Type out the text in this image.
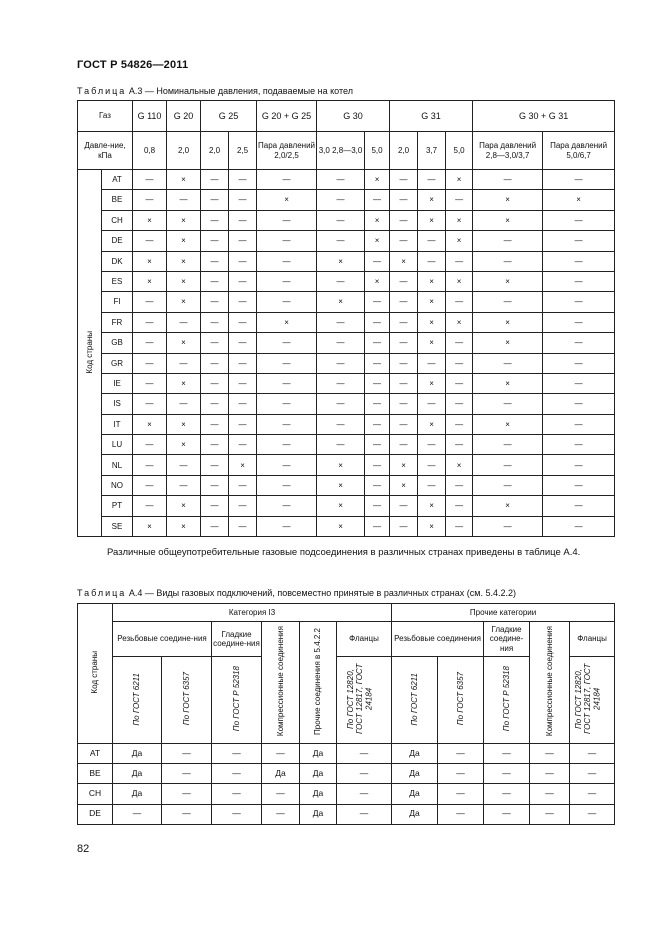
ГОСТ Р 54826—2011
Таблица А.3 — Номинальные давления, подаваемые на котел
Газ		G 110	G 20	G 25		G 20 + G 25	G 30		G 31			G 30 + G 31	
Давле-ние, кПа		0,8	2,0	2,0	2,5	Пара давлений 2,0/2,5	3,0 2,8—3,0	5,0	2,0	3,7	5,0	Пара давлений 2,8—3,0/3,7	Пара давлений 5,0/6,7
Код страны	AT	—	×	—	—	—	—	×	—	—	×	—	—
	BE	—	—	—	—	×	—	—	—	×	—	×	×
	CH	×	×	—	—	—	—	×	—	×	×	×	—
	DE	—	×	—	—	—	—	×	—	—	×	—	—
	DK	×	×	—	—	—	×	—	×	—	—	—	—
	ES	×	×	—	—	—	—	×	—	×	×	×	—
	FI	—	×	—	—	—	×	—	—	×	—	—	—
	FR	—	—	—	—	×	—	—	—	×	×	×	—
	GB	—	×	—	—	—	—	—	—	×	—	×	—
	GR	—	—	—	—	—	—	—	—	—	—	—	—
	IE	—	×	—	—	—	—	—	—	×	—	×	—
	IS	—	—	—	—	—	—	—	—	—	—	—	—
	IT	×	×	—	—	—	—	—	—	×	—	×	—
	LU	—	×	—	—	—	—	—	—	—	—	—	—
	NL	—	—	—	×	—	×	—	×	—	×	—	—
	NO	—	—	—	—	—	×	—	×	—	—	—	—
	PT	—	×	—	—	—	×	—	—	×	—	×	—
	SE	×	×	—	—	—	×	—	—	×	—	—	—
Различные общеупотребительные газовые подсоединения в различных странах приведены в таблице А.4.
Таблица А.4 — Виды газовых подключений, повсеместно принятые в различных странах (см. 5.4.2.2)
Код страны	Категория I3						Прочие категории				
	Резьбовые соедине-ния		Гладкие соедине-ния	Компрессионные соединения	Прочие соединения в 5.4.2.2	Фланцы	Резьбовые соединения		Гладкие соедине-ния	Компрессионные соединения	Фланцы
	По ГОСТ 6211	По ГОСТ 6357	По ГОСТ Р 52318			По ГОСТ 12820, ГОСТ 12817, ГОСТ 24184	По ГОСТ 6211	По ГОСТ 6357	По ГОСТ Р 52318		По ГОСТ 12820, ГОСТ 12817, ГОСТ 24184
AT	Да	—	—	—	Да	—	Да	—	—	—	—
BE	Да	—	—	Да	Да	—	Да	—	—	—	—
CH	Да	—	—	—	Да	—	Да	—	—	—	—
DE	—	—	—	—	Да	—	Да	—	—	—	—
82
